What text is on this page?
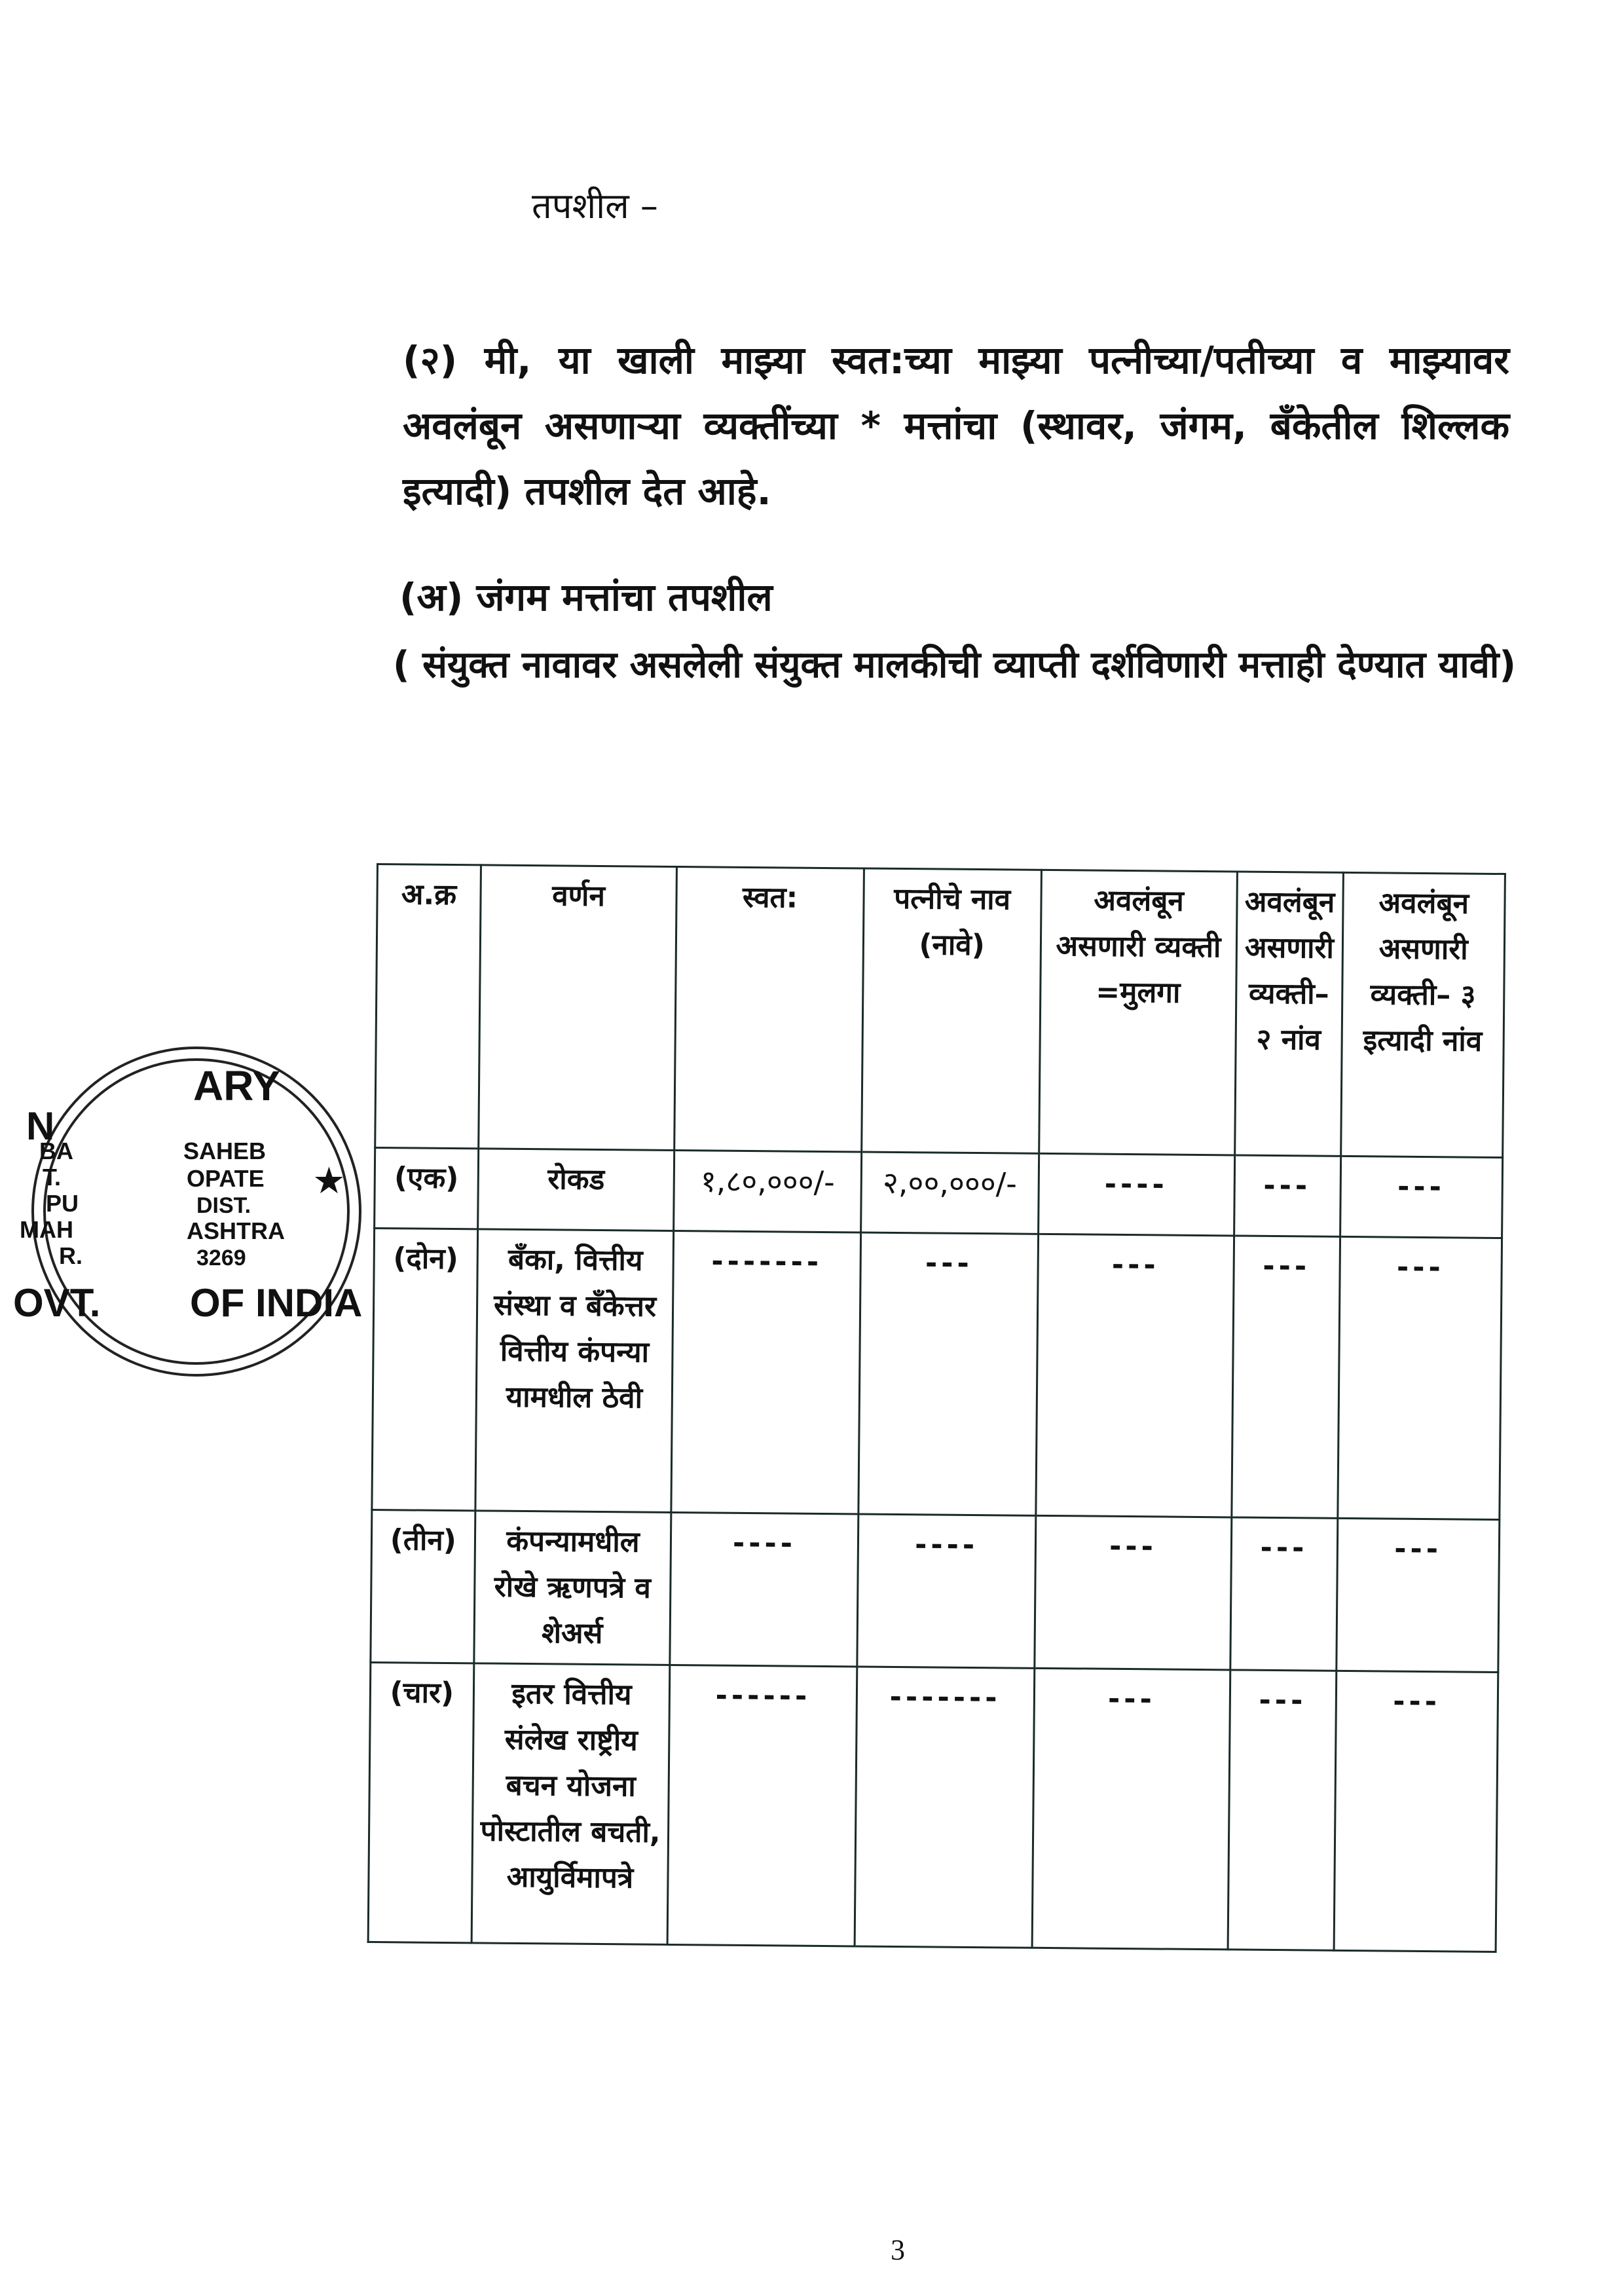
तपशील –
(२) मी, या खाली माझ्या स्वत:च्या माझ्या पत्नीच्या/पतीच्या व माझ्यावर अवलंबून असणाऱ्या व्यक्तींच्या * मत्तांचा (स्थावर, जंगम, बँकेतील शिल्लक इत्यादी) तपशील देत आहे.
(अ) जंगम मत्तांचा तपशील
( संयुक्त नावावर असलेली संयुक्त मालकीची व्याप्ती दर्शविणारी मत्ताही देण्यात यावी)
ARY
SAHEB
OPATE
DIST.
ASHTRA
3269
OF INDIA
N
BA
T.
PU
MAH
R.
OVT.
★
अ.क्र	वर्णन	स्वत:	पत्नीचे नाव (नावे)	अवलंबून असणारी व्यक्ती =मुलगा	अवलंबून असणारी व्यक्ती– २ नांव	अवलंबून असणारी व्यक्ती– ३ इत्यादी नांव
(एक)	रोकड	१,८०,०००/-	२,००,०००/-	----	---	---
(दोन)	बँका, वित्तीय संस्था व बँकेत्तर वित्तीय कंपन्या यामधील ठेवी	-------	---	---	---	---
(तीन)	कंपन्यामधील रोखे ऋणपत्रे व शेअर्स	----	----	---	---	---
(चार)	इतर वित्तीय संलेख राष्ट्रीय बचन योजना पोस्टातील बचती, आयुर्विमापत्रे	------	-------	---	---	---
3
